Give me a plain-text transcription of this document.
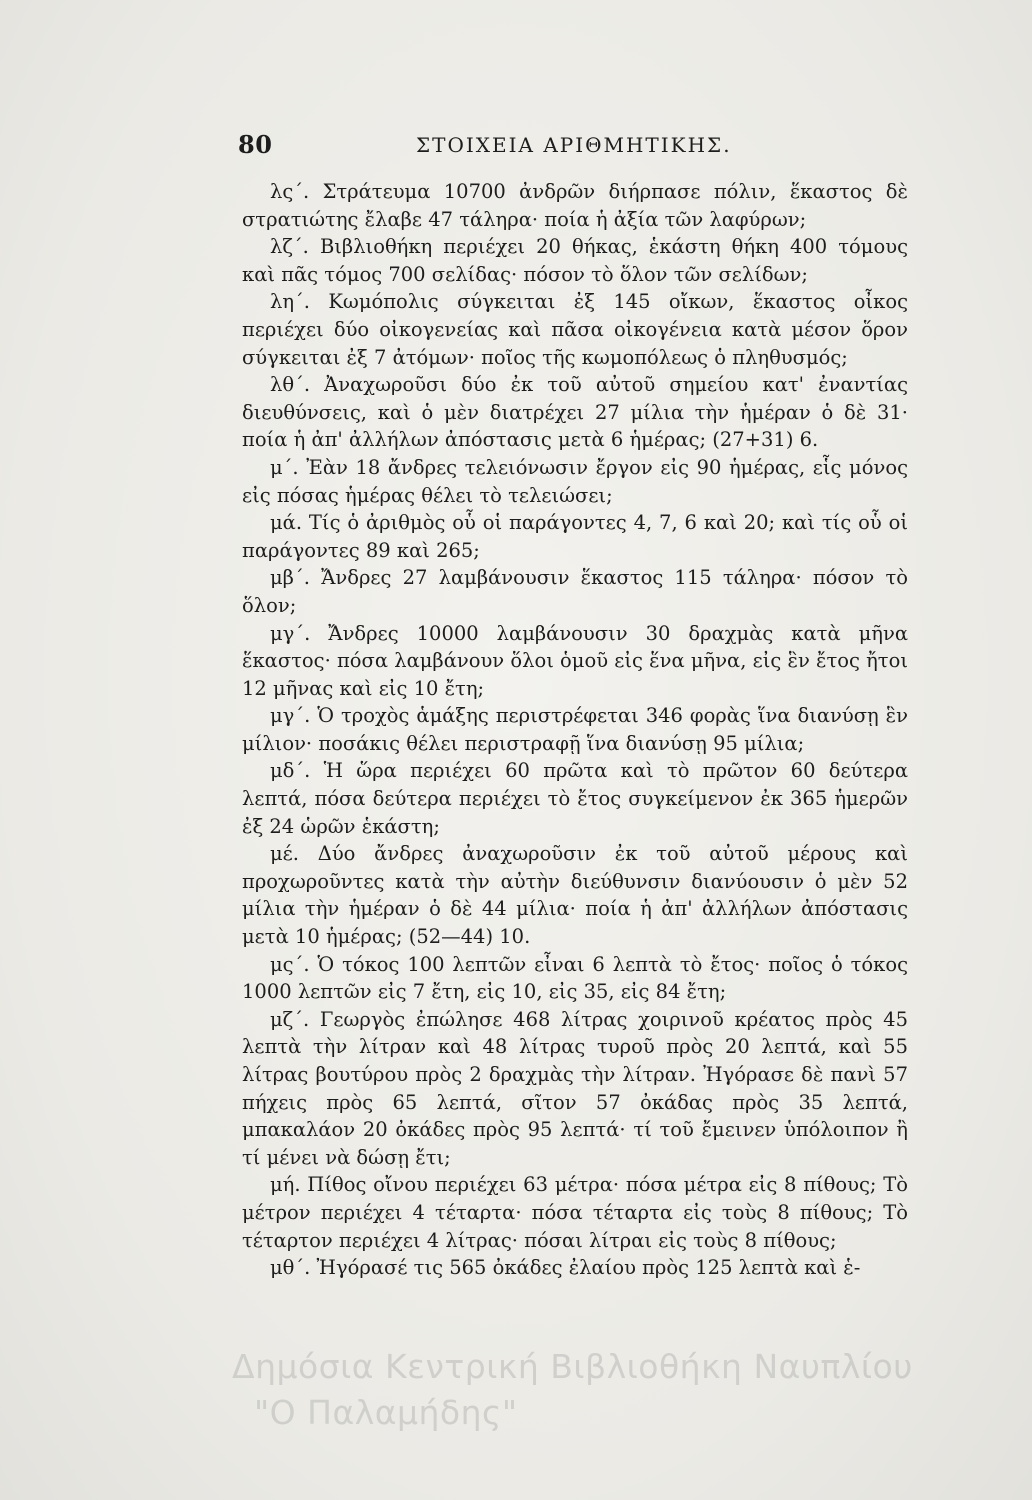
80	ΣΤΟΙΧΕΙΑ ΑΡΙΘΜΗΤΙΚΗΣ.

λς΄. Στράτευμα 10700 ἀνδρῶν διήρπασε πόλιν, ἕκαστος δὲ στρατιώτης ἔλαβε 47 τάληρα· ποία ἡ ἀξία τῶν λαφύρων;

λζ΄. Βιβλιοθήκη περιέχει 20 θήκας, ἑκάστη θήκη 400 τόμους καὶ πᾶς τόμος 700 σελίδας· πόσον τὸ ὅλον τῶν σελίδων;

λη΄. Κωμόπολις σύγκειται ἐξ 145 οἴκων, ἕκαστος οἶκος περιέχει δύο οἰκογενείας καὶ πᾶσα οἰκογένεια κατὰ μέσον ὅρον σύγκειται ἐξ 7 ἀτόμων· ποῖος τῆς κωμοπόλεως ὁ πληθυσμός;

λθ΄. Ἀναχωροῦσι δύο ἐκ τοῦ αὐτοῦ σημείου κατ' ἐναντίας διευθύνσεις, καὶ ὁ μὲν διατρέχει 27 μίλια τὴν ἡμέραν ὁ δὲ 31· ποία ἡ ἀπ' ἀλλήλων ἀπόστασις μετὰ 6 ἡμέρας; (27+31) 6.

μ΄. Ἐὰν 18 ἄνδρες τελειόνωσιν ἔργον εἰς 90 ἡμέρας, εἷς μόνος εἰς πόσας ἡμέρας θέλει τὸ τελειώσει;

μά. Τίς ὁ ἀριθμὸς οὗ οἱ παράγοντες 4, 7, 6 καὶ 20; καὶ τίς οὗ οἱ παράγοντες 89 καὶ 265;

μβ΄. Ἄνδρες 27 λαμβάνουσιν ἕκαστος 115 τάληρα· πόσον τὸ ὅλον;

μγ΄. Ἄνδρες 10000 λαμβάνουσιν 30 δραχμὰς κατὰ μῆνα ἕκαστος· πόσα λαμβάνουν ὅλοι ὁμοῦ εἰς ἕνα μῆνα, εἰς ἓν ἔτος ἤτοι 12 μῆνας καὶ εἰς 10 ἔτη;

μγ΄. Ὁ τροχὸς ἁμάξης περιστρέφεται 346 φορὰς ἵνα διανύσῃ ἓν μίλιον· ποσάκις θέλει περιστραφῇ ἵνα διανύσῃ 95 μίλια;

μδ΄. Ἡ ὥρα περιέχει 60 πρῶτα καὶ τὸ πρῶτον 60 δεύτερα λεπτά, πόσα δεύτερα περιέχει τὸ ἔτος συγκείμενον ἐκ 365 ἡμερῶν ἐξ 24 ὡρῶν ἑκάστη;

μέ. Δύο ἄνδρες ἀναχωροῦσιν ἐκ τοῦ αὐτοῦ μέρους καὶ προχωροῦντες κατὰ τὴν αὐτὴν διεύθυνσιν διανύουσιν ὁ μὲν 52 μίλια τὴν ἡμέραν ὁ δὲ 44 μίλια· ποία ἡ ἀπ' ἀλλήλων ἀπόστασις μετὰ 10 ἡμέρας; (52—44) 10.

μς΄. Ὁ τόκος 100 λεπτῶν εἶναι 6 λεπτὰ τὸ ἔτος· ποῖος ὁ τόκος 1000 λεπτῶν εἰς 7 ἔτη, εἰς 10, εἰς 35, εἰς 84 ἔτη;

μζ΄. Γεωργὸς ἐπώλησε 468 λίτρας χοιρινοῦ κρέατος πρὸς 45 λεπτὰ τὴν λίτραν καὶ 48 λίτρας τυροῦ πρὸς 20 λεπτά, καὶ 55 λίτρας βουτύρου πρὸς 2 δραχμὰς τὴν λίτραν. Ἠγόρασε δὲ πανὶ 57 πήχεις πρὸς 65 λεπτά, σῖτον 57 ὀκάδας πρὸς 35 λεπτά, μπακαλάον 20 ὀκάδες πρὸς 95 λεπτά· τί τοῦ ἔμεινεν ὑπόλοιπον ἢ τί μένει νὰ δώσῃ ἔτι;

μή. Πίθος οἴνου περιέχει 63 μέτρα· πόσα μέτρα εἰς 8 πίθους; Τὸ μέτρον περιέχει 4 τέταρτα· πόσα τέταρτα εἰς τοὺς 8 πίθους; Τὸ τέταρτον περιέχει 4 λίτρας· πόσαι λίτραι εἰς τοὺς 8 πίθους;

μθ΄. Ἠγόρασέ τις 565 ὀκάδες ἐλαίου πρὸς 125 λεπτὰ καὶ ἑ-

Δημόσια Κεντρική Βιβλιοθήκη Ναυπλίου
"Ο Παλαμήδης"
